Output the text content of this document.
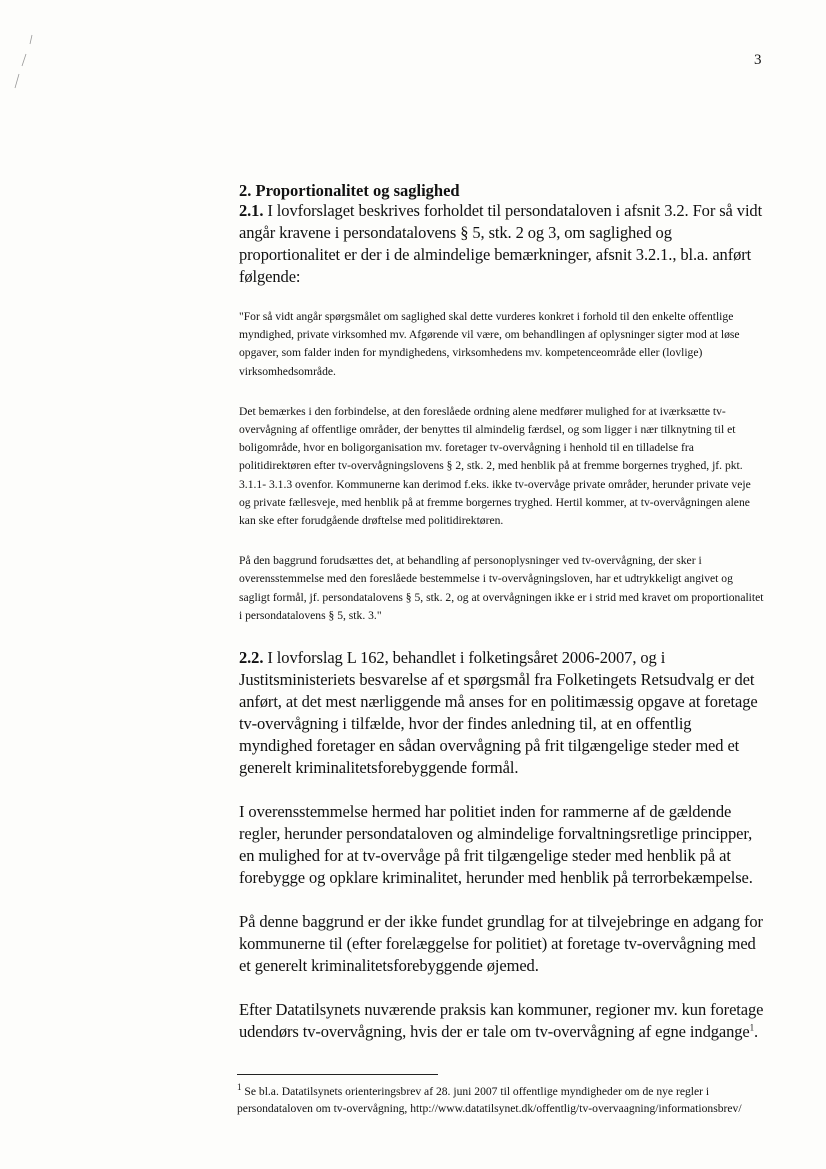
3

2. Proportionalitet og saglighed

2.1. I lovforslaget beskrives forholdet til persondataloven i afsnit 3.2. For så vidt angår kravene i persondatalovens § 5, stk. 2 og 3, om saglighed og proportionalitet er der i de almindelige bemærkninger, afsnit 3.2.1., bl.a. anført følgende:

"For så vidt angår spørgsmålet om saglighed skal dette vurderes konkret i forhold til den enkelte offentlige myndighed, private virksomhed mv. Afgørende vil være, om behandlingen af oplysninger sigter mod at løse opgaver, som falder inden for myndighedens, virksomhedens mv. kompetenceområde eller (lovlige) virksomhedsområde.

Det bemærkes i den forbindelse, at den foreslåede ordning alene medfører mulighed for at iværksætte tv-overvågning af offentlige områder, der benyttes til almindelig færdsel, og som ligger i nær tilknytning til et boligområde, hvor en boligorganisation mv. foretager tv-overvågning i henhold til en tilladelse fra politidirektøren efter tv-overvågningslovens § 2, stk. 2, med henblik på at fremme borgernes tryghed, jf. pkt. 3.1.1- 3.1.3 ovenfor. Kommunerne kan derimod f.eks. ikke tv-overvåge private områder, herunder private veje og private fællesveje, med henblik på at fremme borgernes tryghed. Hertil kommer, at tv-overvågningen alene kan ske efter forudgående drøftelse med politidirektøren.

På den baggrund forudsættes det, at behandling af personoplysninger ved tv-overvågning, der sker i overensstemmelse med den foreslåede bestemmelse i tv-overvågningsloven, har et udtrykkeligt angivet og sagligt formål, jf. persondatalovens § 5, stk. 2, og at overvågningen ikke er i strid med kravet om proportionalitet i persondatalovens § 5, stk. 3."

2.2. I lovforslag L 162, behandlet i folketingsåret 2006-2007, og i Justitsministeriets besvarelse af et spørgsmål fra Folketingets Retsudvalg er det anført, at det mest nærliggende må anses for en politimæssig opgave at foretage tv-overvågning i tilfælde, hvor der findes anledning til, at en offentlig myndighed foretager en sådan overvågning på frit tilgængelige steder med et generelt kriminalitetsforebyggende formål.

I overensstemmelse hermed har politiet inden for rammerne af de gældende regler, herunder persondataloven og almindelige forvaltningsretlige principper, en mulighed for at tv-overvåge på frit tilgængelige steder med henblik på at forebygge og opklare kriminalitet, herunder med henblik på terrorbekæmpelse.

På denne baggrund er der ikke fundet grundlag for at tilvejebringe en adgang for kommunerne til (efter forelæggelse for politiet) at foretage tv-overvågning med et generelt kriminalitetsforebyggende øjemed.

Efter Datatilsynets nuværende praksis kan kommuner, regioner mv. kun foretage udendørs tv-overvågning, hvis der er tale om tv-overvågning af egne indgange$^1$.

$^1$ Se bl.a. Datatilsynets orienteringsbrev af 28. juni 2007 til offentlige myndigheder om de nye regler i persondataloven om tv-overvågning, http://www.datatilsynet.dk/offentlig/tv-overvaagning/informationsbrev/
